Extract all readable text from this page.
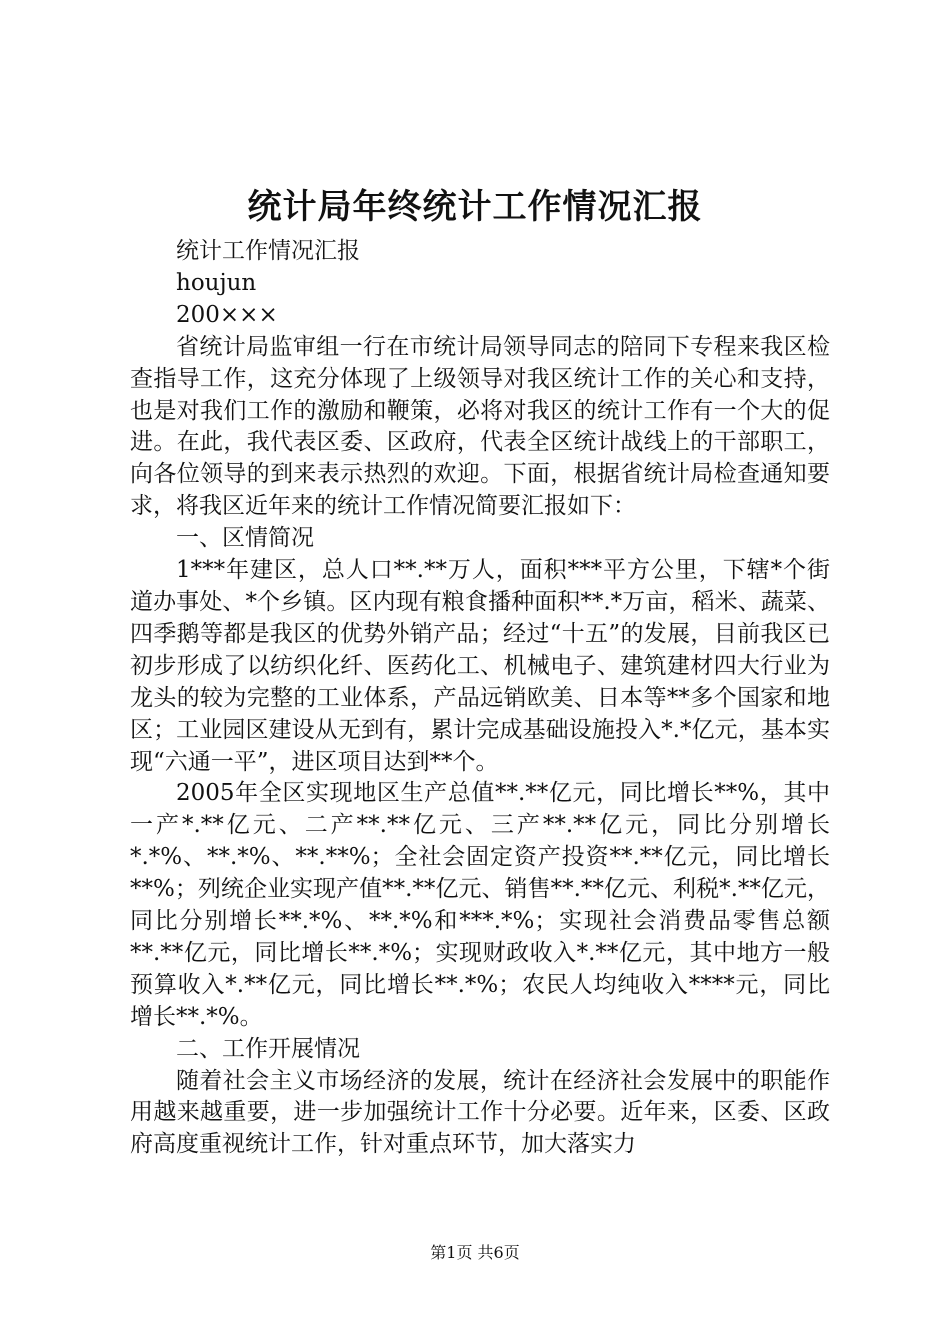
统计局年终统计工作情况汇报

统计工作情况汇报

houjun

200×××

省统计局监审组一行在市统计局领导同志的陪同下专程来我区检查指导工作，这充分体现了上级领导对我区统计工作的关心和支持，也是对我们工作的激励和鞭策，必将对我区的统计工作有一个大的促进。在此，我代表区委、区政府，代表全区统计战线上的干部职工，向各位领导的到来表示热烈的欢迎。下面，根据省统计局检查通知要求，将我区近年来的统计工作情况简要汇报如下：

一、区情简况

1***年建区，总人口**.**万人，面积***平方公里，下辖*个街道办事处、*个乡镇。区内现有粮食播种面积**.*万亩，稻米、蔬菜、四季鹅等都是我区的优势外销产品；经过“十五”的发展，目前我区已初步形成了以纺织化纤、医药化工、机械电子、建筑建材四大行业为龙头的较为完整的工业体系，产品远销欧美、日本等**多个国家和地区；工业园区建设从无到有，累计完成基础设施投入*.*亿元，基本实现“六通一平”，进区项目达到**个。

2005年全区实现地区生产总值**.**亿元，同比增长**%，其中一产*.**亿元、二产**.**亿元、三产**.**亿元，同比分别增长*.*%、**.*%、**.**%；全社会固定资产投资**.**亿元，同比增长**%；列统企业实现产值**.**亿元、销售**.**亿元、利税*.**亿元，同比分别增长**.*%、**.*%和***.*%；实现社会消费品零售总额**.**亿元，同比增长**.*%；实现财政收入*.**亿元，其中地方一般预算收入*.**亿元，同比增长**.*%；农民人均纯收入****元，同比增长**.*%。

二、工作开展情况

随着社会主义市场经济的发展，统计在经济社会发展中的职能作用越来越重要，进一步加强统计工作十分必要。近年来，区委、区政府高度重视统计工作，针对重点环节，加大落实力

第1页 共6页
